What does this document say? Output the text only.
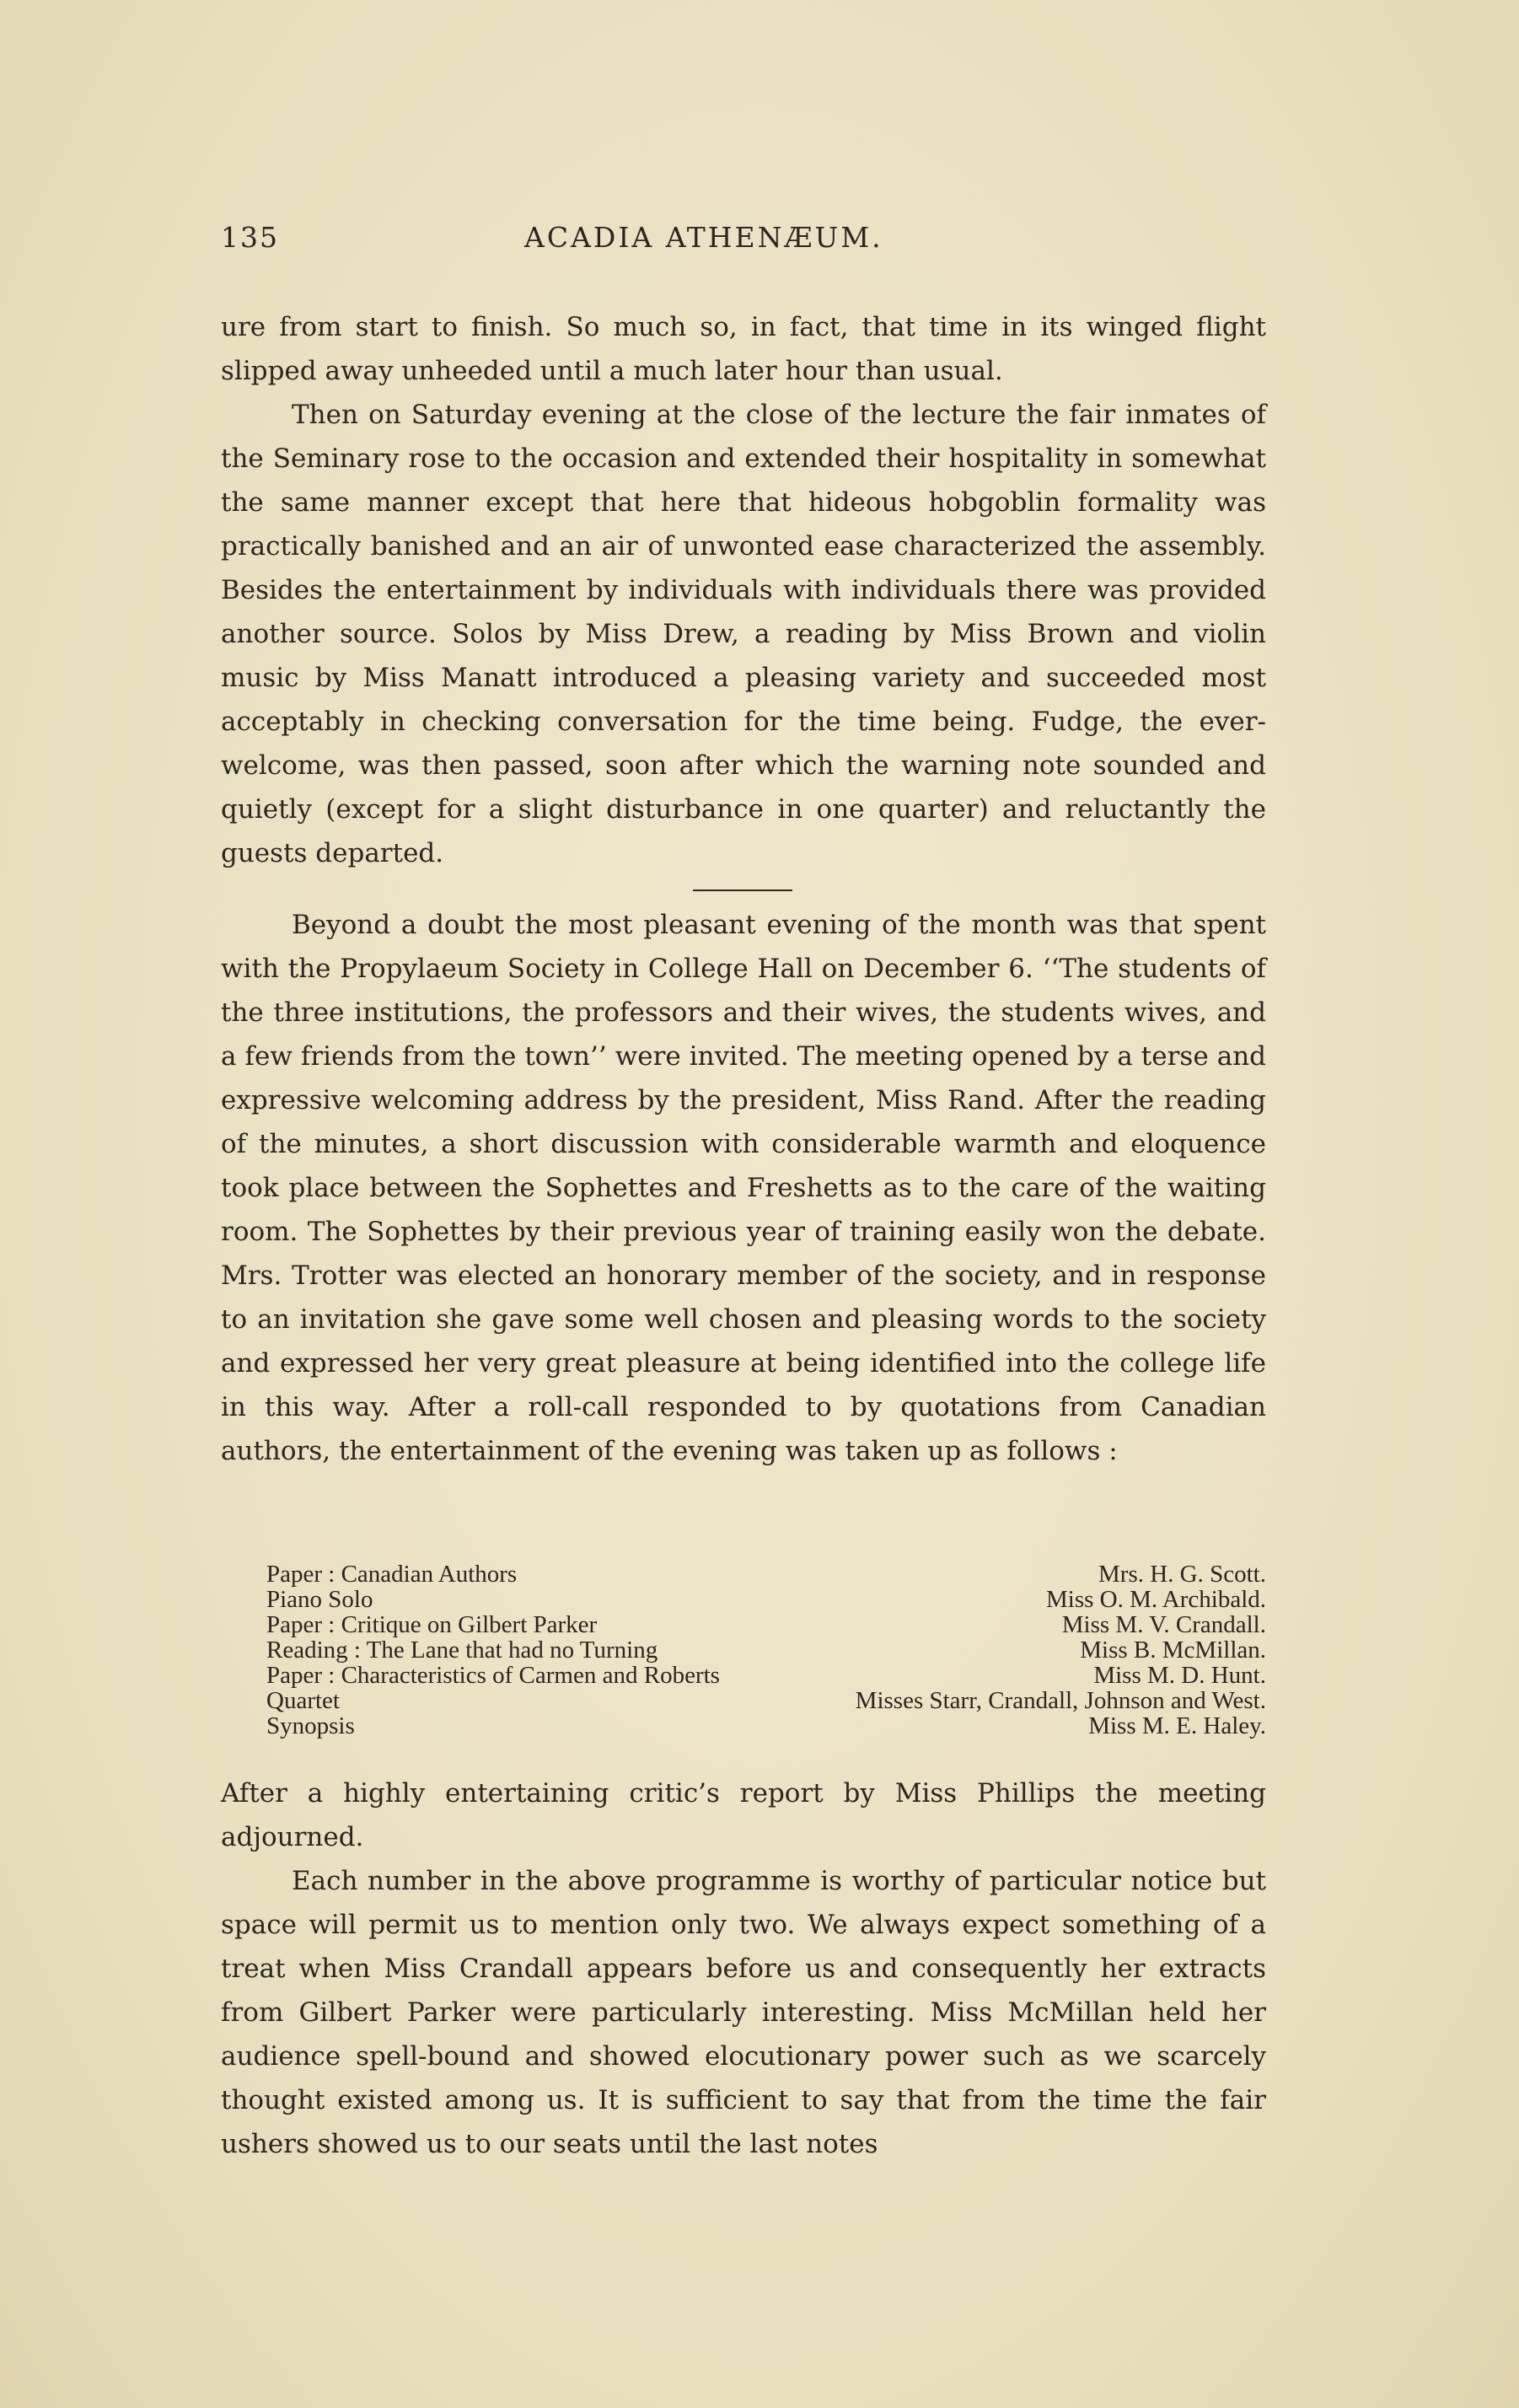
135	ACADIA ATHENÆUM.

ure from start to finish. So much so, in fact, that time in its winged flight slipped away unheeded until a much later hour than usual.

Then on Saturday evening at the close of the lecture the fair inmates of the Seminary rose to the occasion and extended their hospitality in somewhat the same manner except that here that hideous hobgoblin formality was practically banished and an air of unwonted ease characterized the assembly. Besides the entertainment by individuals with individuals there was provided another source. Solos by Miss Drew, a reading by Miss Brown and violin music by Miss Manatt introduced a pleasing variety and succeeded most acceptably in checking conversation for the time being. Fudge, the ever-welcome, was then passed, soon after which the warning note sounded and quietly (except for a slight disturbance in one quarter) and reluctantly the guests departed.

Beyond a doubt the most pleasant evening of the month was that spent with the Propylaeum Society in College Hall on December 6. ‘‘The students of the three institutions, the professors and their wives, the students wives, and a few friends from the town’’ were invited. The meeting opened by a terse and expressive welcoming address by the president, Miss Rand. After the reading of the minutes, a short discussion with considerable warmth and eloquence took place between the Sophettes and Freshetts as to the care of the waiting room. The Sophettes by their previous year of training easily won the debate. Mrs. Trotter was elected an honorary member of the society, and in response to an invitation she gave some well chosen and pleasing words to the society and expressed her very great pleasure at being identified into the college life in this way. After a roll-call responded to by quotations from Canadian authors, the entertainment of the evening was taken up as follows :

Paper : Canadian Authors	Mrs. H. G. Scott.
Piano Solo	Miss O. M. Archibald.
Paper : Critique on Gilbert Parker	Miss M. V. Crandall.
Reading : The Lane that had no Turning	Miss B. McMillan.
Paper : Characteristics of Carmen and Roberts	Miss M. D. Hunt.
Quartet	Misses Starr, Crandall, Johnson and West.
Synopsis	Miss M. E. Haley.

After a highly entertaining critic’s report by Miss Phillips the meeting adjourned.

Each number in the above programme is worthy of particular notice but space will permit us to mention only two. We always expect something of a treat when Miss Crandall appears before us and consequently her extracts from Gilbert Parker were particularly interesting. Miss McMillan held her audience spell-bound and showed elocutionary power such as we scarcely thought existed among us. It is sufficient to say that from the time the fair ushers showed us to our seats until the last notes
